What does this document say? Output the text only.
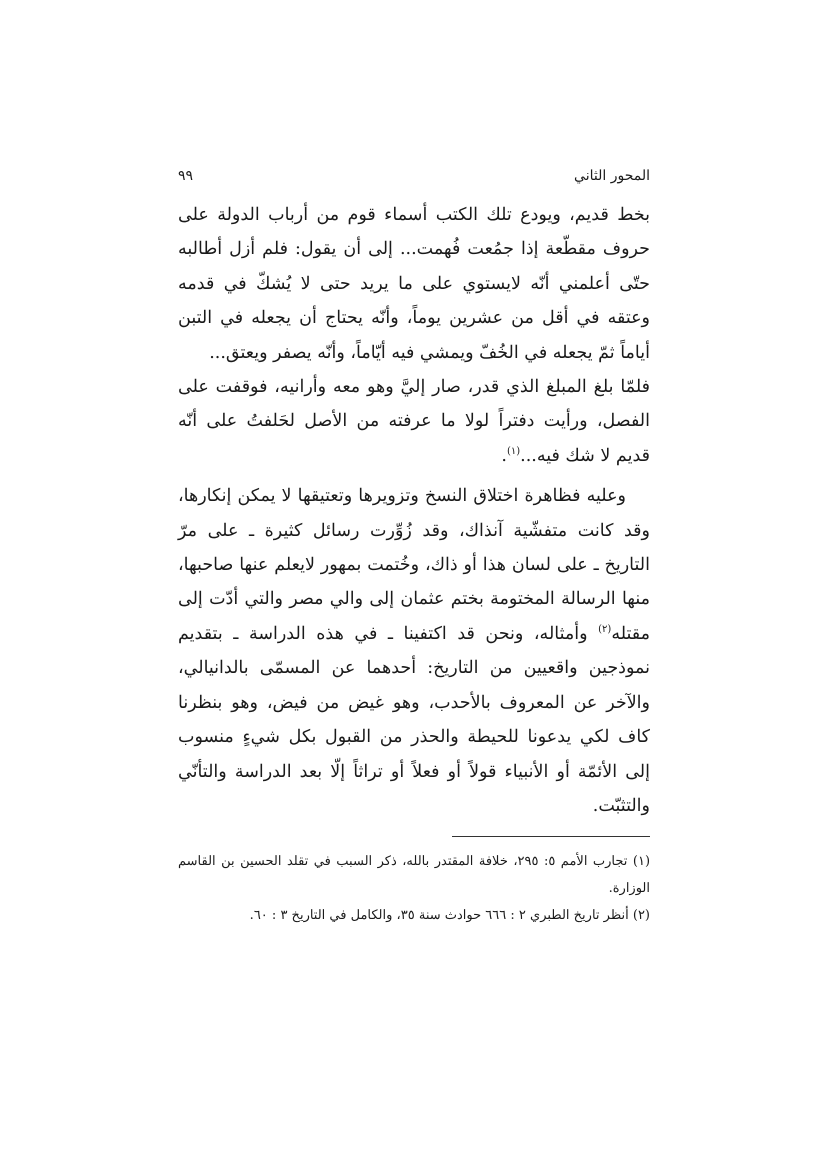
المحور الثاني
٩٩

بخط قديم، ويودع تلك الكتب أسماء قوم من أرباب الدولة على حروف مقطّعة إذا جمُعت فُهمت... إلى أن يقول: فلم أزل أطالبه حتّى أعلمني أنّه لايستوي على ما يريد حتى لا يُشكّ في قدمه وعتقه في أقل من عشرين يوماً، وأنّه يحتاج أن يجعله في التبن أياماً ثمّ يجعله في الخُفّ ويمشي فيه أيّاماً، وأنّه يصفر ويعتق...

فلمّا بلغ المبلغ الذي قدر، صار إليَّ وهو معه وأرانيه، فوقفت على الفصل، ورأيت دفتراً لولا ما عرفته من الأصل لحَلفتُ على أنّه قديم لا شك فيه...$^{(١)}$.

وعليه فظاهرة اختلاق النسخ وتزويرها وتعتيقها لا يمكن إنكارها، وقد كانت متفشّية آنذاك، وقد زُوِّرت رسائل كثيرة ـ على مرّ التاريخ ـ على لسان هذا أو ذاك، وخُتمت بمهور لايعلم عنها صاحبها، منها الرسالة المختومة بختم عثمان إلى والي مصر والتي أدّت إلى مقتله$^{(٢)}$ وأمثاله، ونحن قد اكتفينا ـ في هذه الدراسة ـ بتقديم نموذجين واقعيين من التاريخ: أحدهما عن المسمّى بالدانيالي، والآخر عن المعروف بالأحدب، وهو غيض من فيض، وهو بنظرنا كاف لكي يدعونا للحيطة والحذر من القبول بكل شيءٍ منسوب إلى الأئمّة أو الأنبياء قولاً أو فعلاً أو تراثاً إلّا بعد الدراسة والتأنّي والتثبّت.

(١) تجارب الأمم ٥: ٢٩٥، خلافة المقتدر بالله، ذكر السبب في تقلد الحسين بن القاسم الوزارة.

(٢) أنظر تاريخ الطبري ٢ : ٦٦٦ حوادث سنة ٣٥، والكامل في التاريخ ٣ : ٦٠.
